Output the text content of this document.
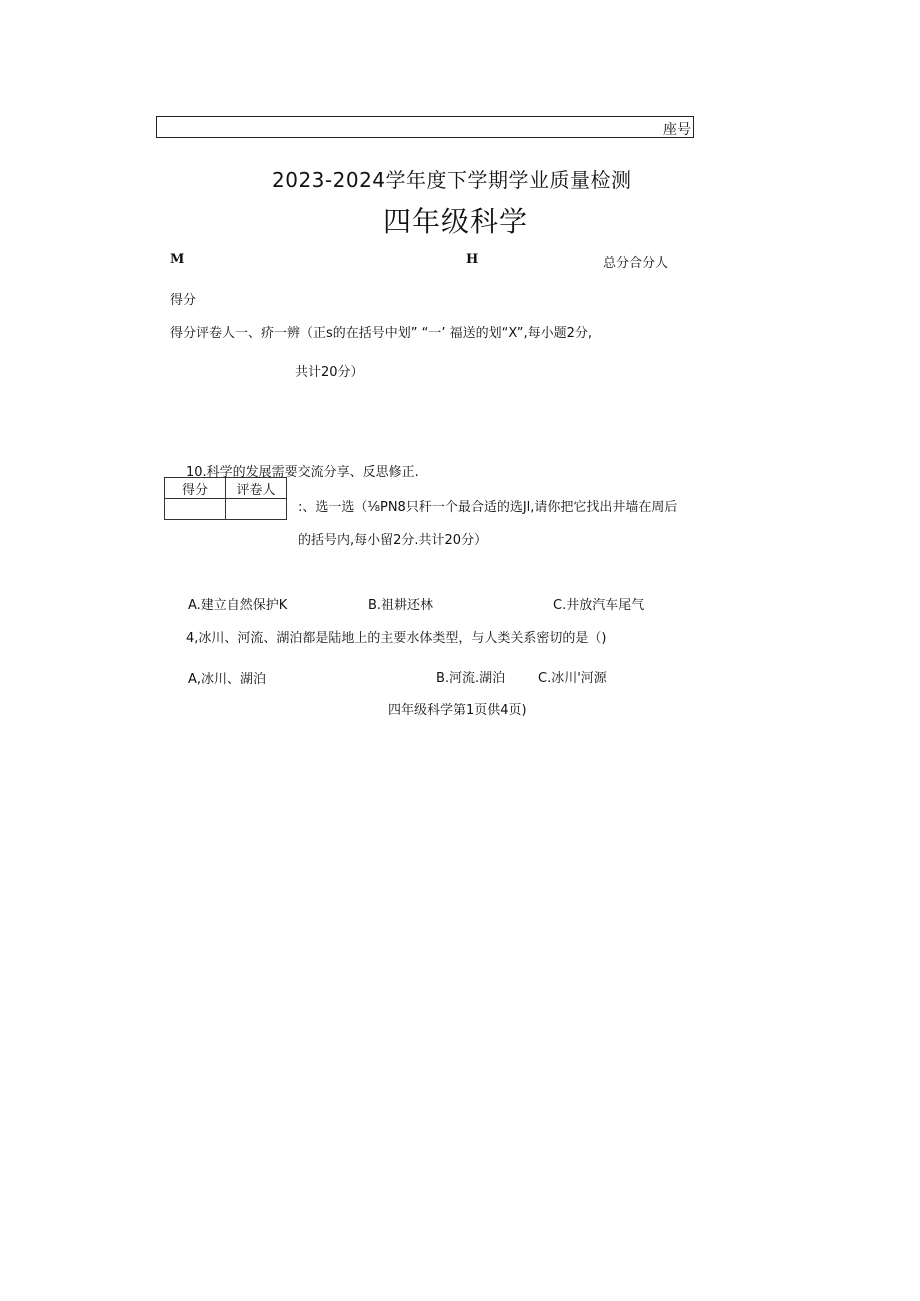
座号
2023-2024学年度下学期学业质量检测
四年级科学
M	H	总分合分人
得分
得分评卷人一、疥一辨（正s的在括号中划” “一’ 福送的划“X”,每小题2分,
共计20分）
10.科学的发展需要交流分享、反思修正.
得分	评卷人

:、选一选（⅛PN8只秆一个最合适的选Jl,请你把它找出井墙在周后
的括号内,每小留2分.共计20分）
A.建立自然保护K	B.祖耕还林	C.井放汽车尾气
4,冰川、河流、湖泊都是陆地上的主要水体类型，与人类关系密切的是（)
A,冰川、湖泊	B.河流.湖泊	C.冰川'河源
四年级科学第1页供4页)
